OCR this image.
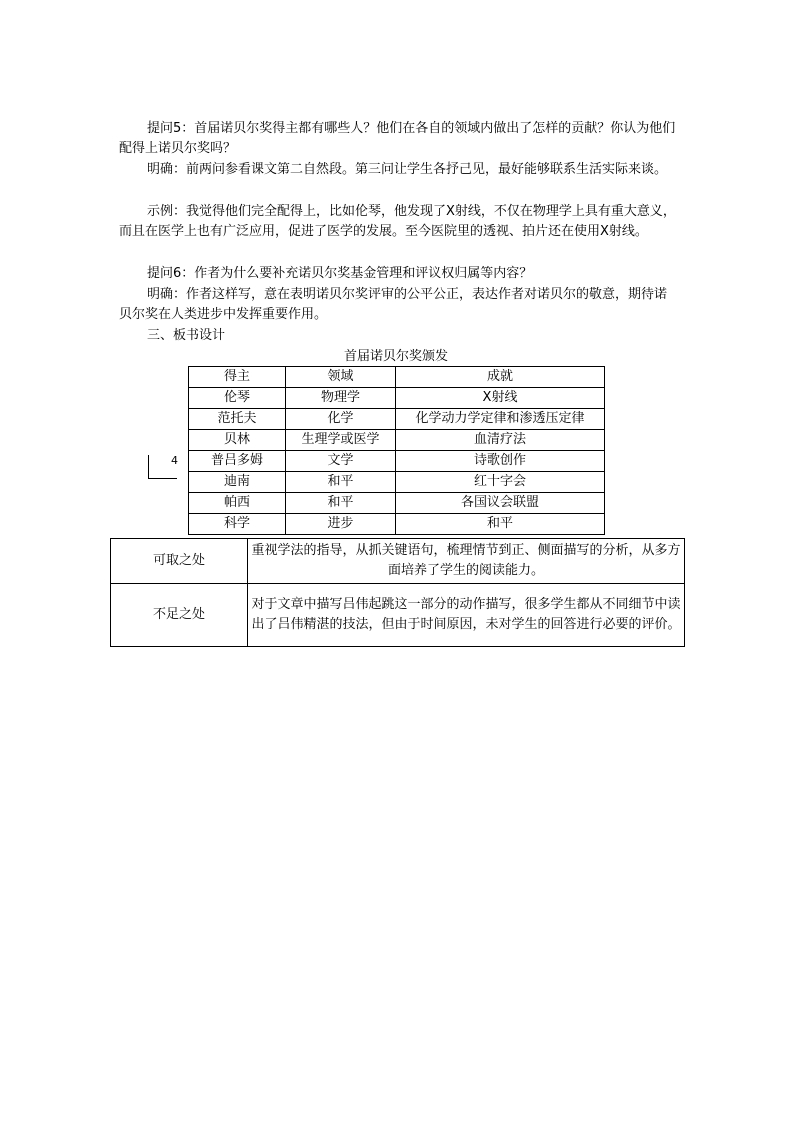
提问5：首届诺贝尔奖得主都有哪些人？他们在各自的领域内做出了怎样的贡献？你认为他们配得上诺贝尔奖吗？

明确：前两问参看课文第二自然段。第三问让学生各抒己见，最好能够联系生活实际来谈。

示例：我觉得他们完全配得上，比如伦琴，他发现了X射线，不仅在物理学上具有重大意义，而且在医学上也有广泛应用，促进了医学的发展。至今医院里的透视、拍片还在使用X射线。

提问6：作者为什么要补充诺贝尔奖基金管理和评议权归属等内容？

明确：作者这样写，意在表明诺贝尔奖评审的公平公正，表达作者对诺贝尔的敬意，期待诺贝尔奖在人类进步中发挥重要作用。

三、板书设计

首届诺贝尔奖颁发
4
得主	领域	成就
伦琴	物理学	X射线
范托夫	化学	化学动力学定律和渗透压定律
贝林	生理学或医学	血清疗法
普吕多姆	文学	诗歌创作
迪南	和平	红十字会
帕西	和平	各国议会联盟
科学	进步	和平
可取之处	重视学法的指导，从抓关键语句，梳理情节到正、侧面描写的分析，从多方面培养了学生的阅读能力。
不足之处	对于文章中描写吕伟起跳这一部分的动作描写，很多学生都从不同细节中读出了吕伟精湛的技法，但由于时间原因，未对学生的回答进行必要的评价。
